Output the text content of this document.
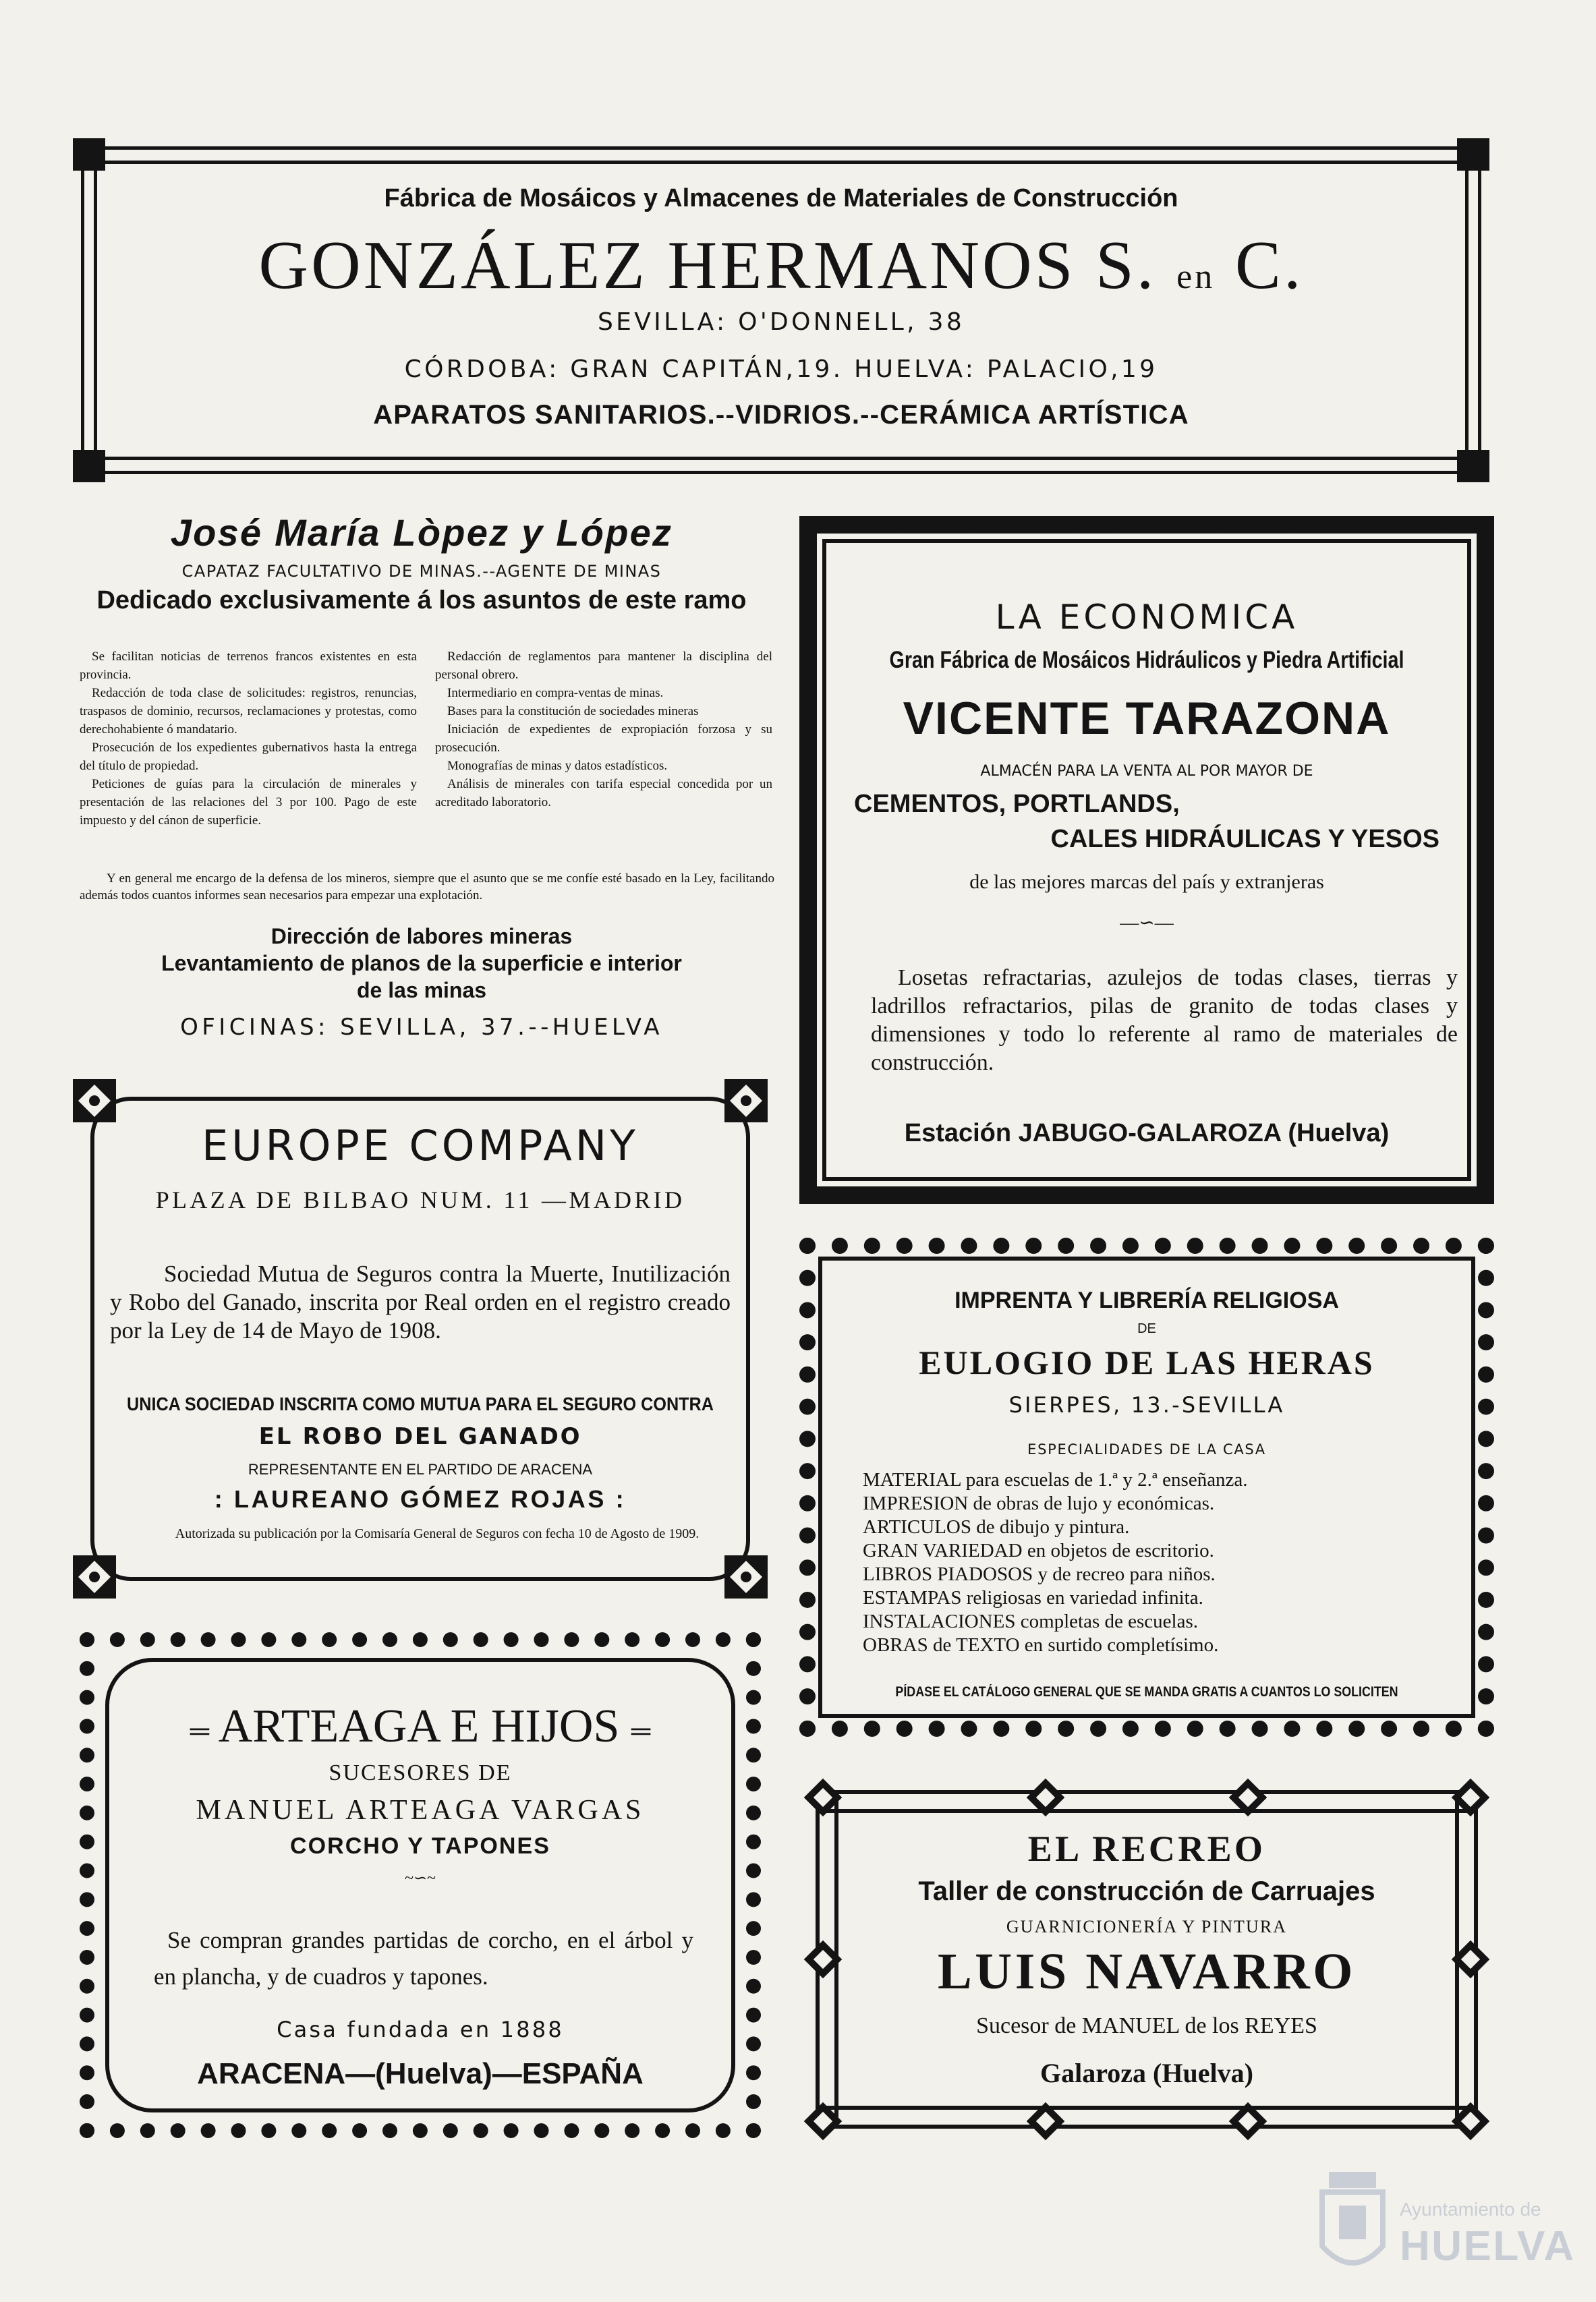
Fábrica de Mosáicos y Almacenes de Materiales de Construcción
GONZÁLEZ HERMANOS S. en C.
SEVILLA: O'DONNELL, 38
CÓRDOBA: GRAN CAPITÁN,19. HUELVA: PALACIO,19
APARATOS SANITARIOS.--VIDRIOS.--CERÁMICA ARTÍSTICA
José María Lòpez y López
CAPATAZ FACULTATIVO DE MINAS.--AGENTE DE MINAS
Dedicado exclusivamente á los asuntos de este ramo

Se facilitan noticias de terrenos francos existentes en esta provincia.

Redacción de toda clase de solicitudes: registros, renuncias, traspasos de dominio, recursos, reclamaciones y protestas, como derechohabiente ó mandatario.

Prosecución de los expedientes gubernativos hasta la entrega del título de propiedad.

Peticiones de guías para la circulación de minerales y presentación de las relaciones del 3 por 100. Pago de este impuesto y del cánon de superficie.

Redacción de reglamentos para mantener la disciplina del personal obrero.

Intermediario en compra-ventas de minas.

Bases para la constitución de sociedades mineras

Iniciación de expedientes de expropiación forzosa y su prosecución.

Monografías de minas y datos estadísticos.

Análisis de minerales con tarifa especial concedida por un acreditado laboratorio.

Y en general me encargo de la defensa de los mineros, siempre que el asunto que se me confíe esté basado en la Ley, facilitando además todos cuantos informes sean necesarios para empezar una explotación.
Dirección de labores mineras
Levantamiento de planos de la superficie e interior
de las minas
OFICINAS: SEVILLA, 37.--HUELVA
LA ECONOMICA
Gran Fábrica de Mosáicos Hidráulicos y Piedra Artificial
VICENTE TARAZONA
ALMACÉN PARA LA VENTA AL POR MAYOR DE
CEMENTOS, PORTLANDS,
CALES HIDRÁULICAS Y YESOS
de las mejores marcas del país y extranjeras
—∽—
Losetas refractarias, azulejos de todas clases, tierras y ladrillos refractarios, pilas de granito de todas clases y dimensiones y todo lo referente al ramo de materiales de construcción.
Estación JABUGO-GALAROZA (Huelva)
EUROPE COMPANY
PLAZA DE BILBAO NUM. 11 —MADRID
Sociedad Mutua de Seguros contra la Muerte, Inutilización y Robo del Ganado, inscrita por Real orden en el registro creado por la Ley de 14 de Mayo de 1908.
UNICA SOCIEDAD INSCRITA COMO MUTUA PARA EL SEGURO CONTRA
EL ROBO DEL GANADO
REPRESENTANTE EN EL PARTIDO DE ARACENA
: LAUREANO GÓMEZ ROJAS :
Autorizada su publicación por la Comisaría General de Seguros con fecha 10 de Agosto de 1909.
IMPRENTA Y LIBRERÍA RELIGIOSA
DE
EULOGIO DE LAS HERAS
SIERPES, 13.-SEVILLA
ESPECIALIDADES DE LA CASA
MATERIAL para escuelas de 1.ª y 2.ª enseñanza.
IMPRESION de obras de lujo y económicas.
ARTICULOS de dibujo y pintura.
GRAN VARIEDAD en objetos de escritorio.
LIBROS PIADOSOS y de recreo para niños.
ESTAMPAS religiosas en variedad infinita.
INSTALACIONES completas de escuelas.
OBRAS de TEXTO en surtido completísimo.
PÍDASE EL CATÁLOGO GENERAL QUE SE MANDA GRATIS A CUANTOS LO SOLICITEN
═ ARTEAGA E HIJOS ═
SUCESORES DE
MANUEL ARTEAGA VARGAS
CORCHO Y TAPONES
~∽~
Se compran grandes partidas de corcho, en el árbol y en plancha, y de cuadros y tapones.
Casa fundada en 1888
ARACENA—(Huelva)—ESPAÑA
EL RECREO
Taller de construcción de Carruajes
GUARNICIONERÍA Y PINTURA
LUIS NAVARRO
Sucesor de MANUEL de los REYES
Galaroza (Huelva)
Ayuntamiento de
HUELVA
